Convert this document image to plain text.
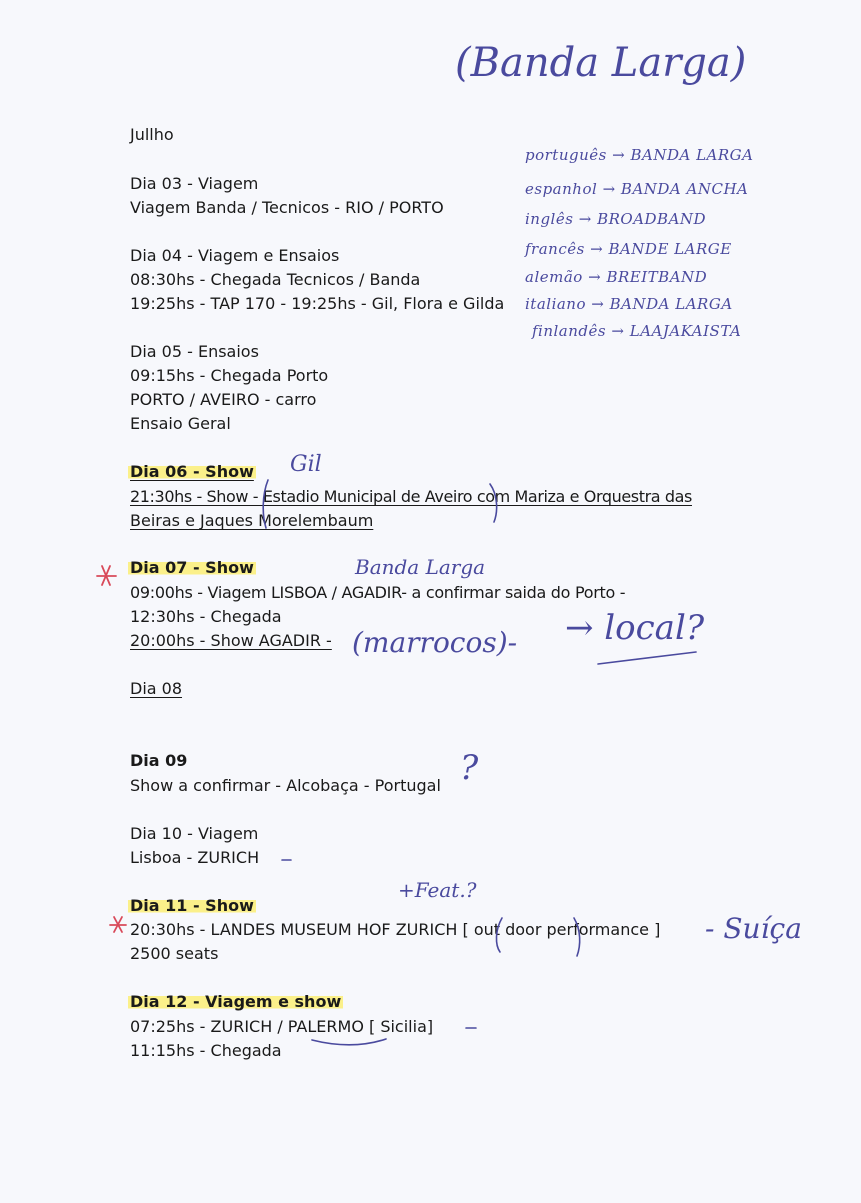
(Banda Larga)
português → BANDA LARGA
espanhol → BANDA ANCHA
inglês → BROADBAND
francês → BANDE LARGE
alemão → BREITBAND
italiano → BANDA LARGA
finlandês → LAAJAKAISTA
Jullho
Dia 03 - Viagem
Viagem Banda / Tecnicos - RIO / PORTO
Dia 04 - Viagem e Ensaios
08:30hs - Chegada Tecnicos / Banda
19:25hs - TAP 170 - 19:25hs - Gil, Flora e Gilda
Dia 05 - Ensaios
09:15hs - Chegada Porto
PORTO / AVEIRO - carro
Ensaio Geral
Dia 06 - Show
21:30hs - Show - Estadio Municipal de Aveiro com Mariza e Orquestra das
Beiras e Jaques Morelembaum
Gil
Dia 07 - Show
09:00hs - Viagem LISBOA / AGADIR- a confirmar saida do Porto -
12:30hs - Chegada
20:00hs - Show AGADIR -
Banda Larga
(marrocos)- → local?
Dia 08
Dia 09
Show a confirmar - Alcobaça - Portugal ?
Dia 10 - Viagem
Lisboa - ZURICH
Dia 11 - Show
20:30hs - LANDES MUSEUM HOF ZURICH [ out door performance ]
2500 seats
+Feat.?
- Suíça
Dia 12 - Viagem e show
07:25hs - ZURICH / PALERMO [ Sicilia]
11:15hs - Chegada
